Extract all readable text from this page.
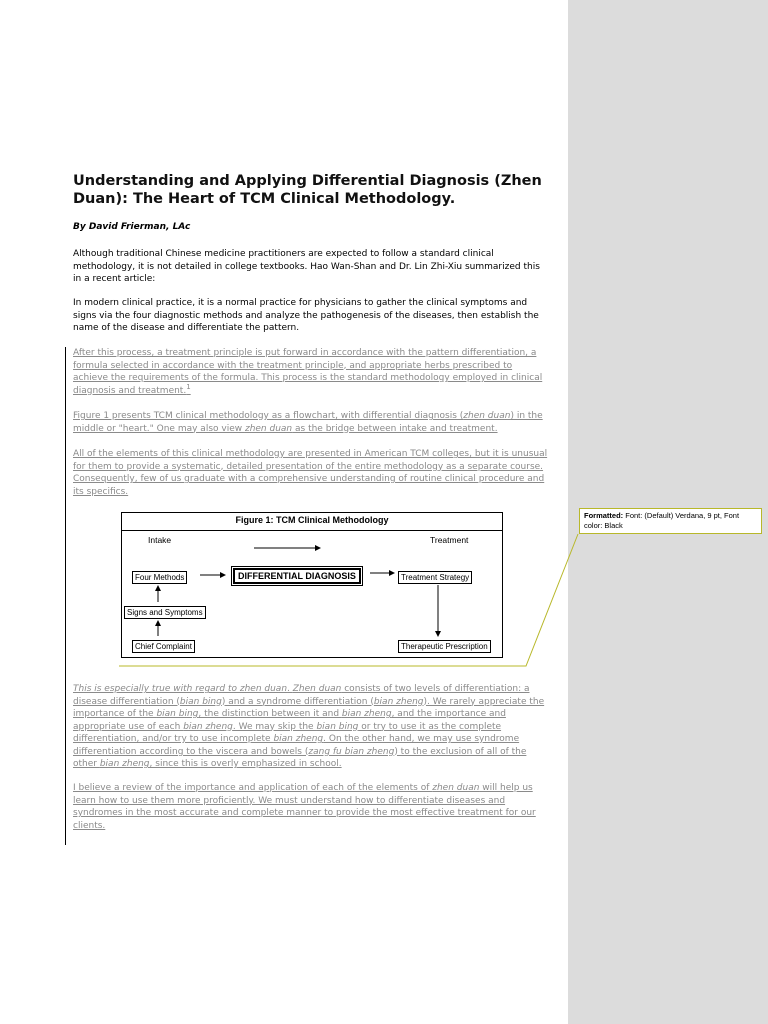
Understanding and Applying Differential Diagnosis (Zhen Duan): The Heart of TCM Clinical Methodology.
By David Frierman, LAc
Although traditional Chinese medicine practitioners are expected to follow a standard clinical methodology, it is not detailed in college textbooks. Hao Wan-Shan and Dr. Lin Zhi-Xiu summarized this in a recent article:
In modern clinical practice, it is a normal practice for physicians to gather the clinical symptoms and signs via the four diagnostic methods and analyze the pathogenesis of the diseases, then establish the name of the disease and differentiate the pattern.
After this process, a treatment principle is put forward in accordance with the pattern differentiation, a formula selected in accordance with the treatment principle, and appropriate herbs prescribed to achieve the requirements of the formula. This process is the standard methodology employed in clinical diagnosis and treatment.$^1$
Figure 1 presents TCM clinical methodology as a flowchart, with differential diagnosis (zhen duan) in the middle or "heart." One may also view zhen duan as the bridge between intake and treatment.
All of the elements of this clinical methodology are presented in American TCM colleges, but it is unusual for them to provide a systematic, detailed presentation of the entire methodology as a separate course. Consequently, few of us graduate with a comprehensive understanding of routine clinical procedure and its specifics.
Figure 1: TCM Clinical Methodology
Intake	Treatment
Four Methods	DIFFERENTIAL DIAGNOSIS	Treatment Strategy
Signs and Symptoms
Chief Complaint	Therapeutic Prescription
This is especially true with regard to zhen duan. Zhen duan consists of two levels of differentiation: a disease differentiation (bian bing) and a syndrome differentiation (bian zheng). We rarely appreciate the importance of the bian bing, the distinction between it and bian zheng, and the importance and appropriate use of each bian zheng. We may skip the bian bing or try to use it as the complete differentiation, and/or try to use incomplete bian zheng. On the other hand, we may use syndrome differentiation according to the viscera and bowels (zang fu bian zheng) to the exclusion of all of the other bian zheng, since this is overly emphasized in school.
I believe a review of the importance and application of each of the elements of zhen duan will help us learn how to use them more proficiently. We must understand how to differentiate diseases and syndromes in the most accurate and complete manner to provide the most effective treatment for our clients.
Formatted: Font: (Default) Verdana, 9 pt, Font color: Black
